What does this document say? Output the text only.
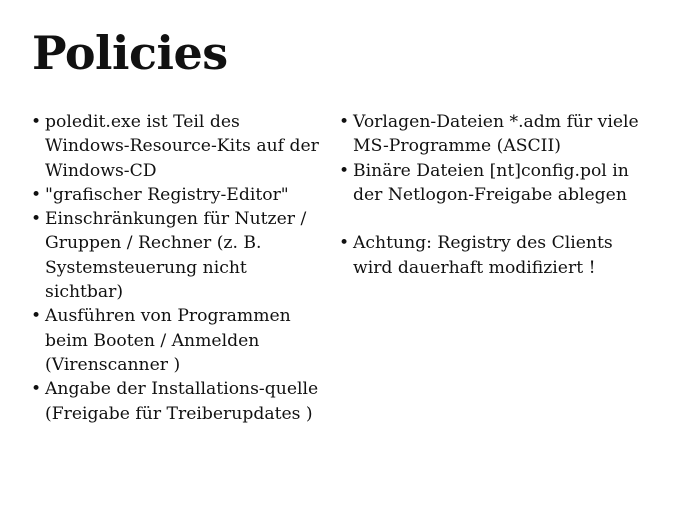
Policies
• poledit.exe ist Teil des Windows-Resource-Kits auf der Windows-CD
• "grafischer Registry-Editor"
• Einschränkungen für Nutzer / Gruppen / Rechner (z. B. Systemsteuerung nicht sichtbar)
• Ausführen von Programmen beim Booten / Anmelden (Virenscanner )
• Angabe der Installations-quelle (Freigabe für Treiberupdates )
• Vorlagen-Dateien *.adm für viele MS-Programme (ASCII)
• Binäre Dateien [nt]config.pol in der Netlogon-Freigabe ablegen
• Achtung: Registry des Clients wird dauerhaft modifiziert !
